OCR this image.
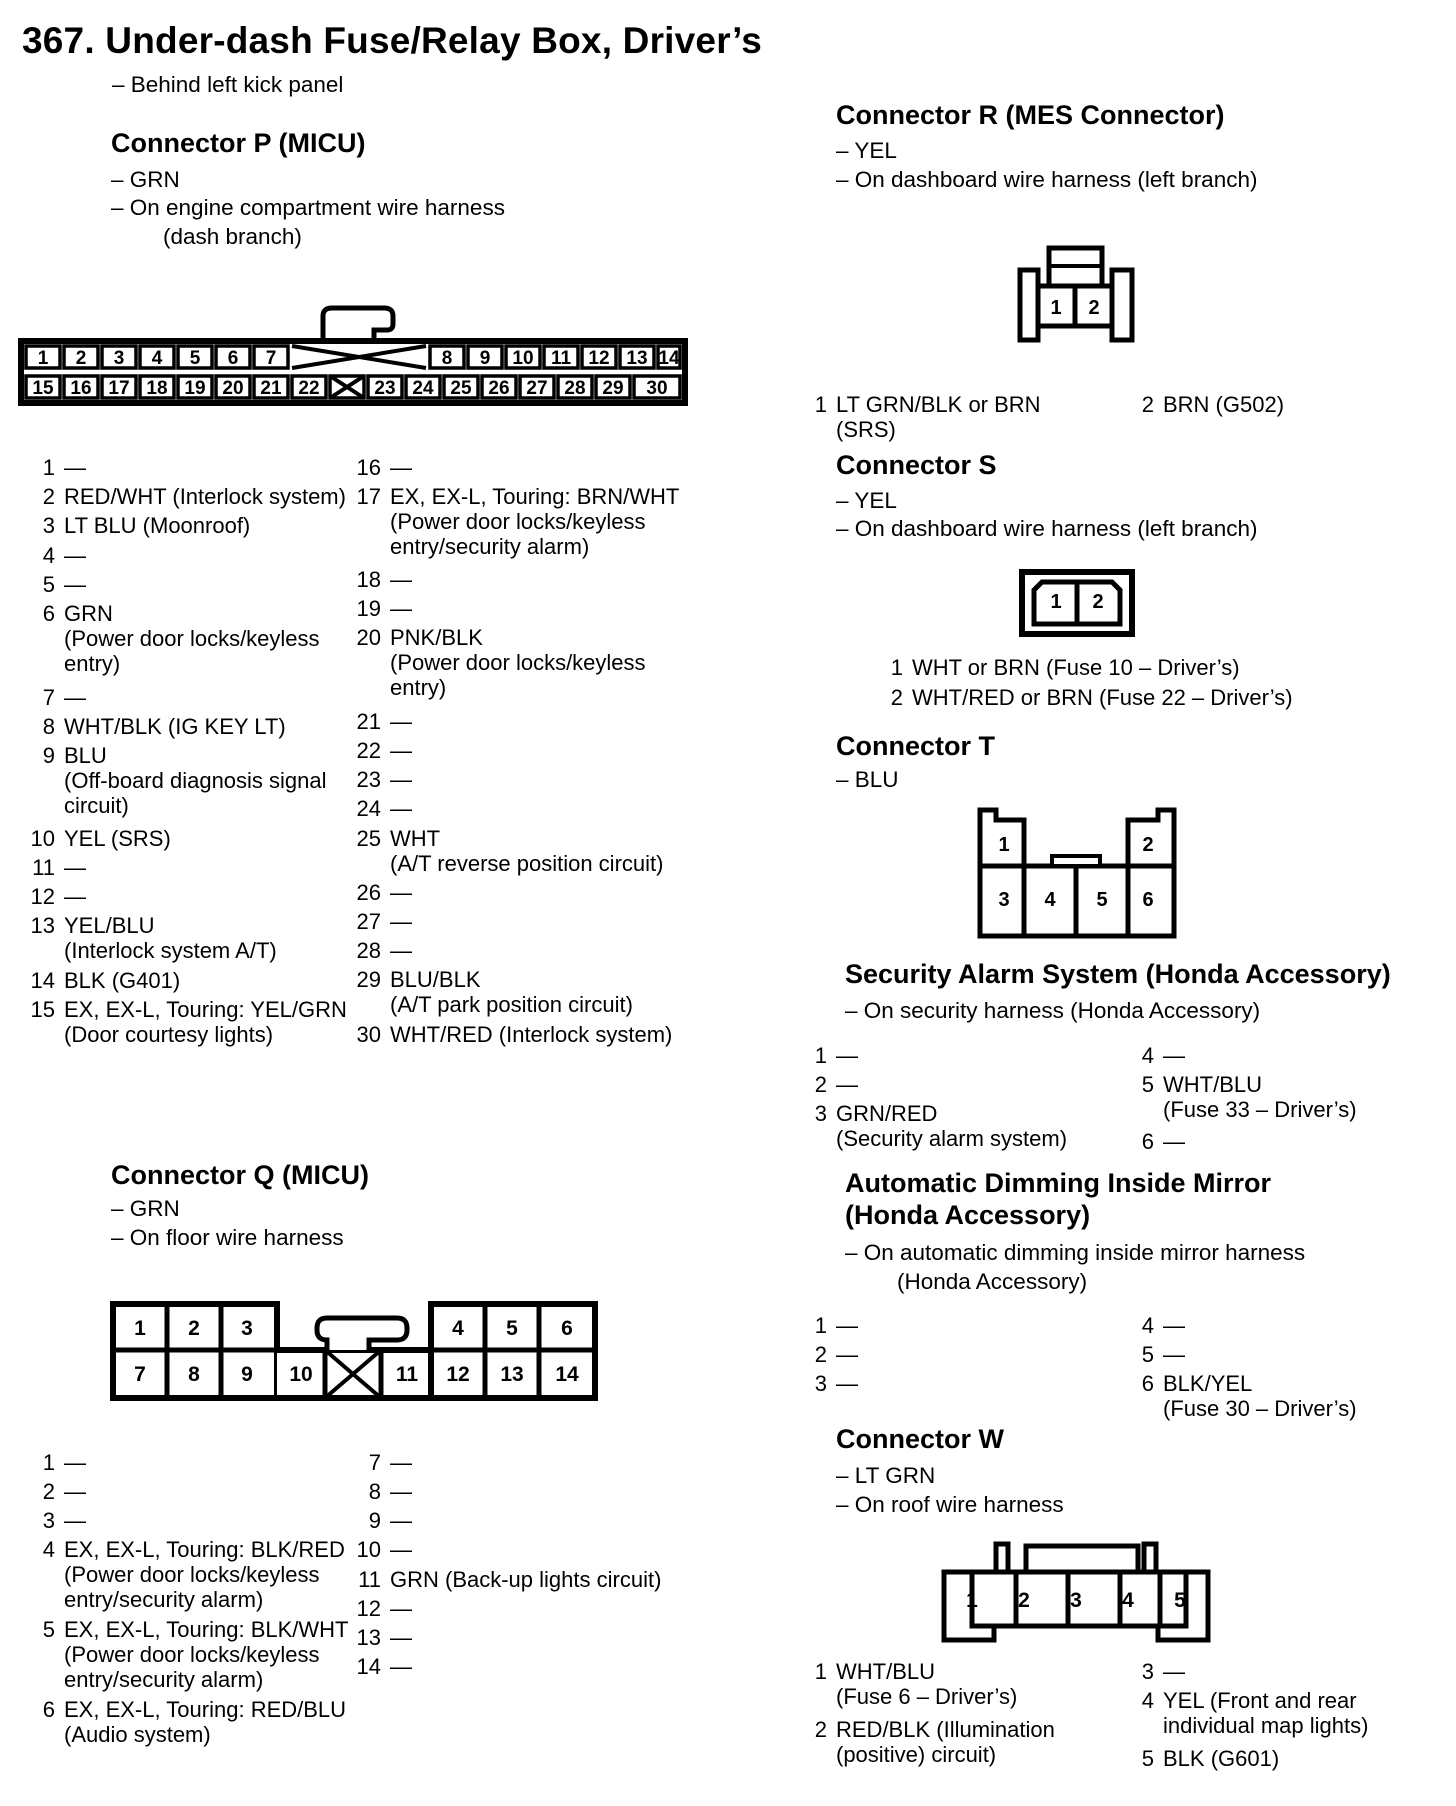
367. Under-dash Fuse/Relay Box, Driver’s
– Behind left kick panel
Connector P (MICU)
– GRN
– On engine compartment wire harness
(dash branch)
1 2 3 4 5 6 7	8 9 10 11 12 13 14
15 16 17 18 19 20 21 22	23 24 25 26 27 28 29 30
1 —
2 RED/WHT (Interlock system)
3 LT BLU (Moonroof)
4 —
5 —
6 GRN
(Power door locks/keyless
entry)
7 —
8 WHT/BLK (IG KEY LT)
9 BLU
(Off-board diagnosis signal
circuit)
10 YEL (SRS)
11 —
12 —
13 YEL/BLU
(Interlock system A/T)
14 BLK (G401)
15 EX, EX-L, Touring: YEL/GRN
(Door courtesy lights)
16 —
17 EX, EX-L, Touring: BRN/WHT
(Power door locks/keyless
entry/security alarm)
18 —
19 —
20 PNK/BLK
(Power door locks/keyless
entry)
21 —
22 —
23 —
24 —
25 WHT
(A/T reverse position circuit)
26 —
27 —
28 —
29 BLU/BLK
(A/T park position circuit)
30 WHT/RED (Interlock system)
Connector Q (MICU)
– GRN
– On floor wire harness
1 2 3	4 5 6
7 8 9 10	11 12 13 14
1 —
2 —
3 —
4 EX, EX-L, Touring: BLK/RED
(Power door locks/keyless
entry/security alarm)
5 EX, EX-L, Touring: BLK/WHT
(Power door locks/keyless
entry/security alarm)
6 EX, EX-L, Touring: RED/BLU
(Audio system)
7 —
8 —
9 —
10 —
11 GRN (Back-up lights circuit)
12 —
13 —
14 —
Connector R (MES Connector)
– YEL
– On dashboard wire harness (left branch)
1 2
1 LT GRN/BLK or BRN
(SRS)
2 BRN (G502)
Connector S
– YEL
– On dashboard wire harness (left branch)
1 2
1 WHT or BRN (Fuse 10 – Driver’s)
2 WHT/RED or BRN (Fuse 22 – Driver’s)
Connector T
– BLU
1	2
3 4 5 6
Security Alarm System (Honda Accessory)
– On security harness (Honda Accessory)
1 —
2 —
3 GRN/RED
(Security alarm system)
4 —
5 WHT/BLU
(Fuse 33 – Driver’s)
6 —
Automatic Dimming Inside Mirror
(Honda Accessory)
– On automatic dimming inside mirror harness
(Honda Accessory)
1 —
2 —
3 —
4 —
5 —
6 BLK/YEL
(Fuse 30 – Driver’s)
Connector W
– LT GRN
– On roof wire harness
1 2 3 4 5
1 WHT/BLU
(Fuse 6 – Driver’s)
2 RED/BLK (Illumination
(positive) circuit)
3 —
4 YEL (Front and rear
individual map lights)
5 BLK (G601)
